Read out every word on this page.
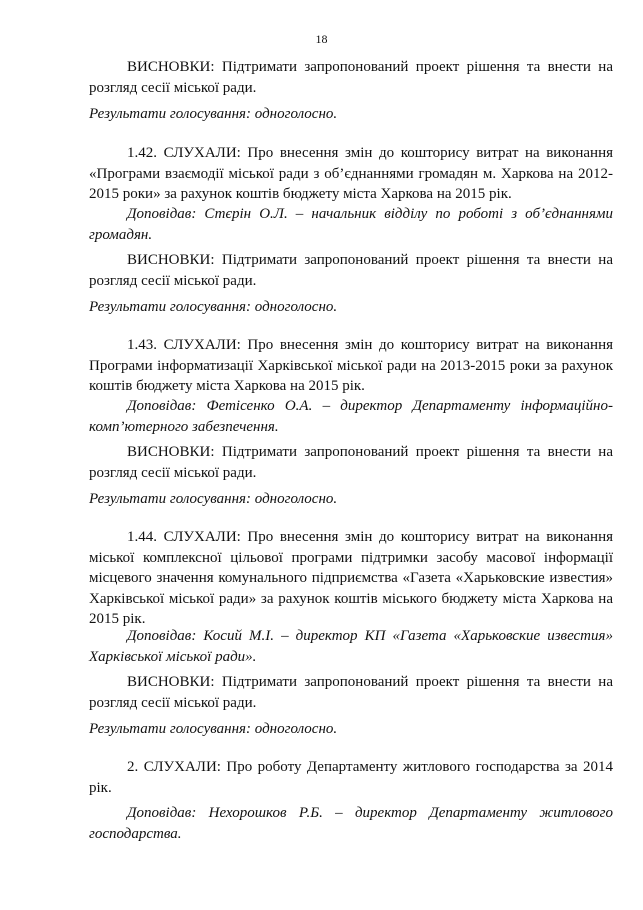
18

ВИСНОВКИ: Підтримати запропонований проект рішення та внести на розгляд сесії міської ради.

Результати голосування: одноголосно.

1.42. СЛУХАЛИ: Про внесення змін до кошторису витрат на виконання «Програми взаємодії міської ради з об’єднаннями громадян м. Харкова на 2012-2015 роки» за рахунок коштів бюджету міста Харкова на 2015 рік.

Доповідав: Стєрін О.Л. – начальник відділу по роботі з об’єднаннями громадян.

ВИСНОВКИ: Підтримати запропонований проект рішення та внести на розгляд сесії міської ради.

Результати голосування: одноголосно.

1.43. СЛУХАЛИ: Про внесення змін до кошторису витрат на виконання Програми інформатизації Харківської міської ради на 2013-2015 роки за рахунок коштів бюджету міста Харкова на 2015 рік.

Доповідав: Фетісенко О.А. – директор Департаменту інформаційно-комп’ютерного забезпечення.

ВИСНОВКИ: Підтримати запропонований проект рішення та внести на розгляд сесії міської ради.

Результати голосування: одноголосно.

1.44. СЛУХАЛИ: Про внесення змін до кошторису витрат на виконання міської комплексної цільової програми підтримки засобу масової інформації місцевого значення комунального підприємства «Газета «Харьковские известия» Харківської міської ради» за рахунок коштів міського бюджету міста Харкова на 2015 рік.

Доповідав: Косий М.І. – директор КП «Газета «Харьковские известия» Харківської міської ради».

ВИСНОВКИ: Підтримати запропонований проект рішення та внести на розгляд сесії міської ради.

Результати голосування: одноголосно.

2. СЛУХАЛИ: Про роботу Департаменту житлового господарства за 2014 рік.

Доповідав: Нехорошков Р.Б. – директор Департаменту житлового господарства.
